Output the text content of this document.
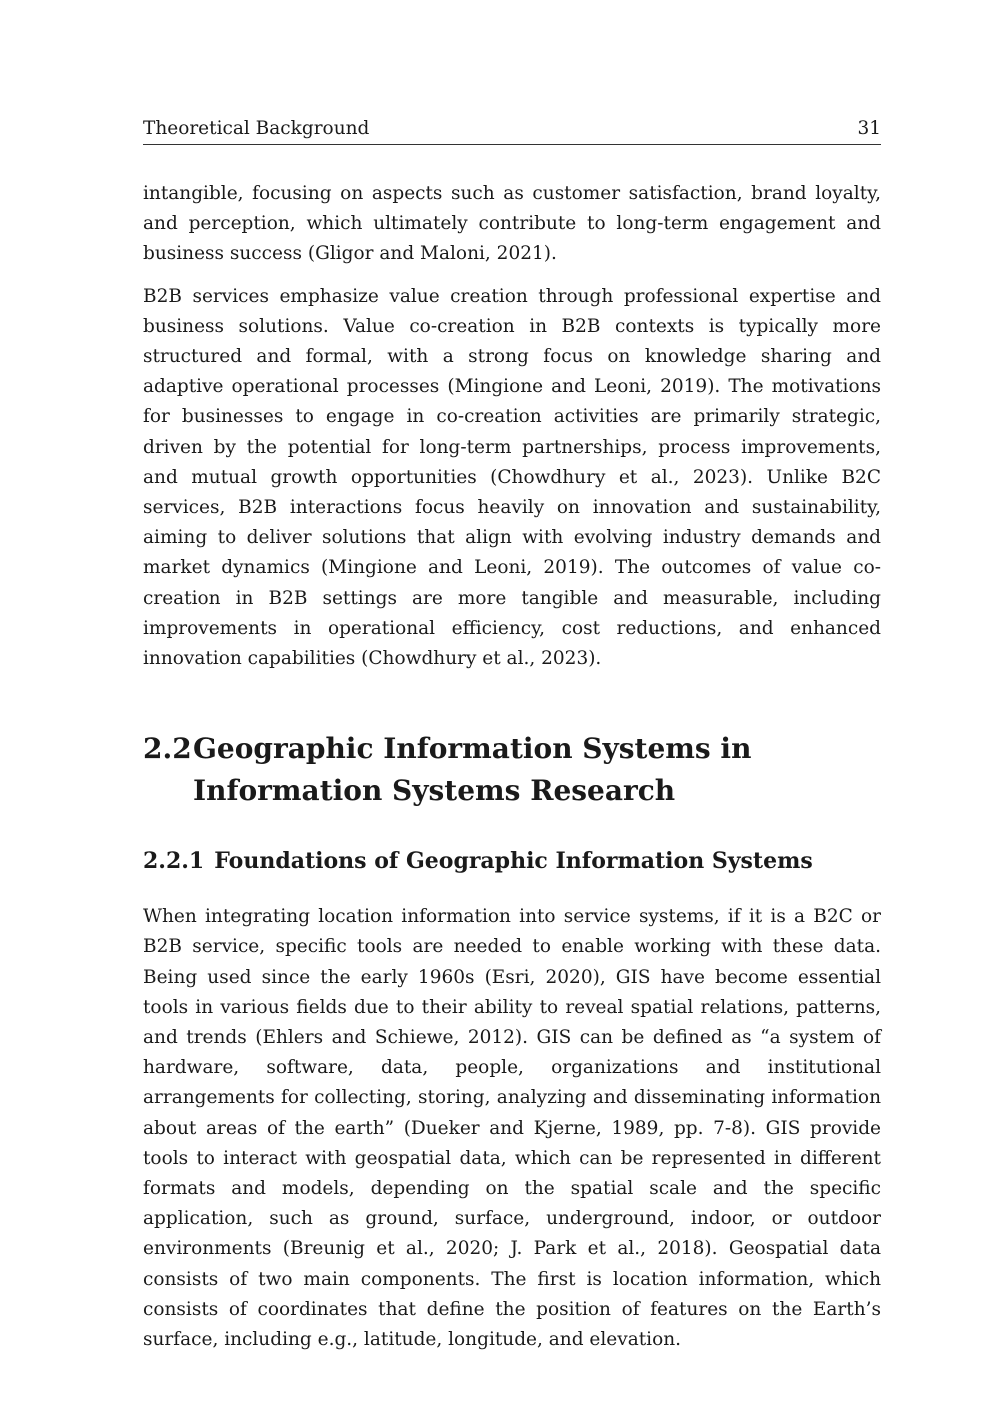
Theoretical Background	31

intangible, focusing on aspects such as customer satisfaction, brand loyalty, and perception, which ultimately contribute to long-term engagement and business success (Gligor and Maloni, 2021).

B2B services emphasize value creation through professional expertise and business solutions. Value co-creation in B2B contexts is typically more structured and formal, with a strong focus on knowledge sharing and adaptive operational processes (Mingione and Leoni, 2019). The motivations for businesses to engage in co-creation activities are primarily strategic, driven by the potential for long-term partnerships, process improvements, and mutual growth opportunities (Chowdhury et al., 2023). Unlike B2C services, B2B interactions focus heavily on innovation and sustainability, aiming to deliver solutions that align with evolving industry demands and market dynamics (Mingione and Leoni, 2019). The outcomes of value co-creation in B2B settings are more tangible and measurable, including improvements in operational efficiency, cost reductions, and enhanced innovation capabilities (Chowdhury et al., 2023).

2.2 Geographic Information Systems in Information Systems Research
2.2.1 Foundations of Geographic Information Systems

When integrating location information into service systems, if it is a B2C or B2B service, specific tools are needed to enable working with these data. Being used since the early 1960s (Esri, 2020), GIS have become essential tools in various fields due to their ability to reveal spatial relations, patterns, and trends (Ehlers and Schiewe, 2012). GIS can be defined as “a system of hardware, software, data, people, organizations and institutional arrangements for collecting, storing, analyzing and disseminating information about areas of the earth” (Dueker and Kjerne, 1989, pp. 7-8). GIS provide tools to interact with geospatial data, which can be represented in different formats and models, depending on the spatial scale and the specific application, such as ground, surface, underground, indoor, or outdoor environments (Breunig et al., 2020; J. Park et al., 2018). Geospatial data consists of two main components. The first is location information, which consists of coordinates that define the position of features on the Earth’s surface, including e.g., latitude, longitude, and elevation.
